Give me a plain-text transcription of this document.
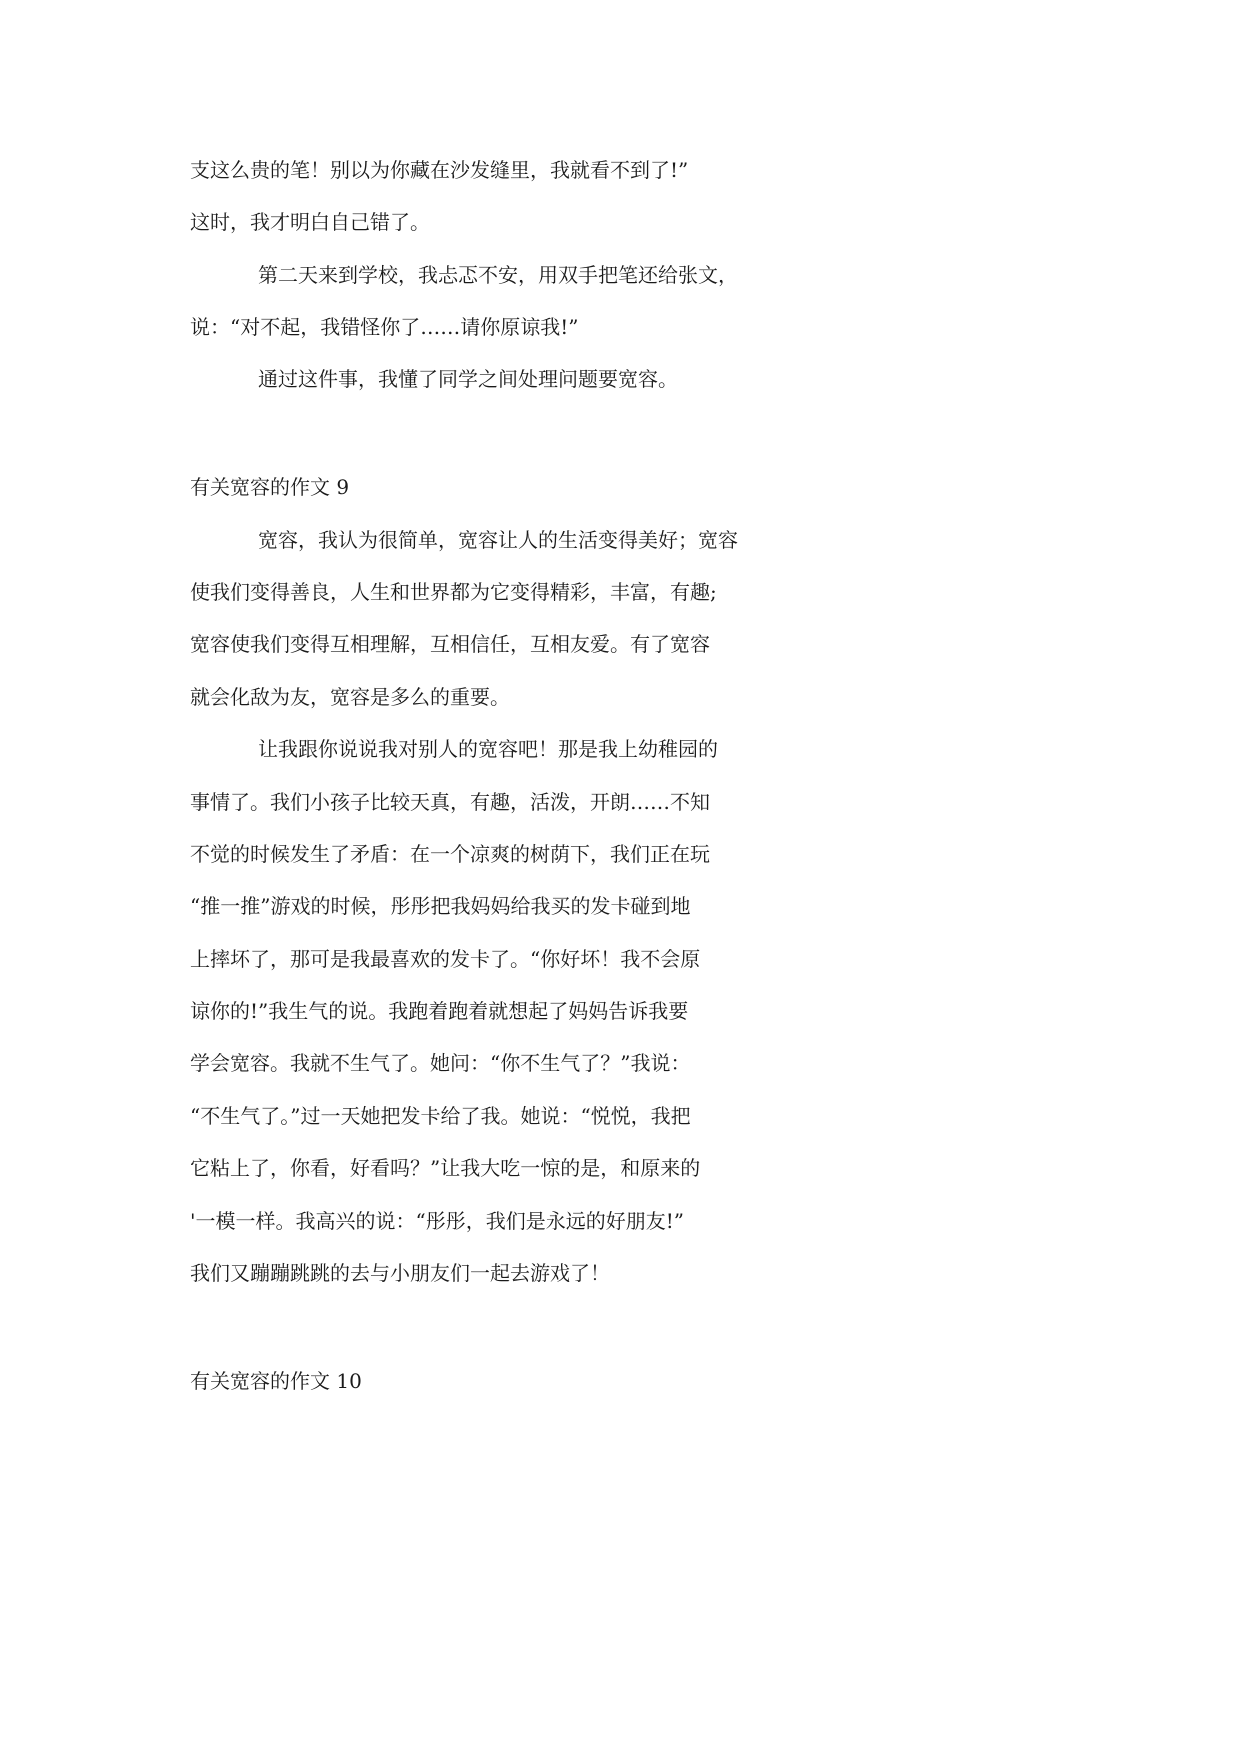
支这么贵的笔！别以为你藏在沙发缝里，我就看不到了!”
这时，我才明白自己错了。
第二天来到学校，我忐忑不安，用双手把笔还给张文，
说：“对不起，我错怪你了……请你原谅我!”
通过这件事，我懂了同学之间处理问题要宽容。
有关宽容的作文 9
宽容，我认为很简单，宽容让人的生活变得美好；宽容
使我们变得善良，人生和世界都为它变得精彩，丰富，有趣;
宽容使我们变得互相理解，互相信任，互相友爱。有了宽容
就会化敌为友，宽容是多么的重要。
让我跟你说说我对别人的宽容吧！那是我上幼稚园的
事情了。我们小孩子比较天真，有趣，活泼，开朗……不知
不觉的时候发生了矛盾：在一个凉爽的树荫下，我们正在玩
“推一推”游戏的时候，彤彤把我妈妈给我买的发卡碰到地
上摔坏了，那可是我最喜欢的发卡了。“你好坏！我不会原
谅你的!”我生气的说。我跑着跑着就想起了妈妈告诉我要
学会宽容。我就不生气了。她问：“你不生气了？”我说：
“不生气了。”过一天她把发卡给了我。她说：“悦悦，我把
它粘上了，你看，好看吗？”让我大吃一惊的是，和原来的
'一模一样。我高兴的说：“彤彤，我们是永远的好朋友!”
我们又蹦蹦跳跳的去与小朋友们一起去游戏了！
有关宽容的作文 10
